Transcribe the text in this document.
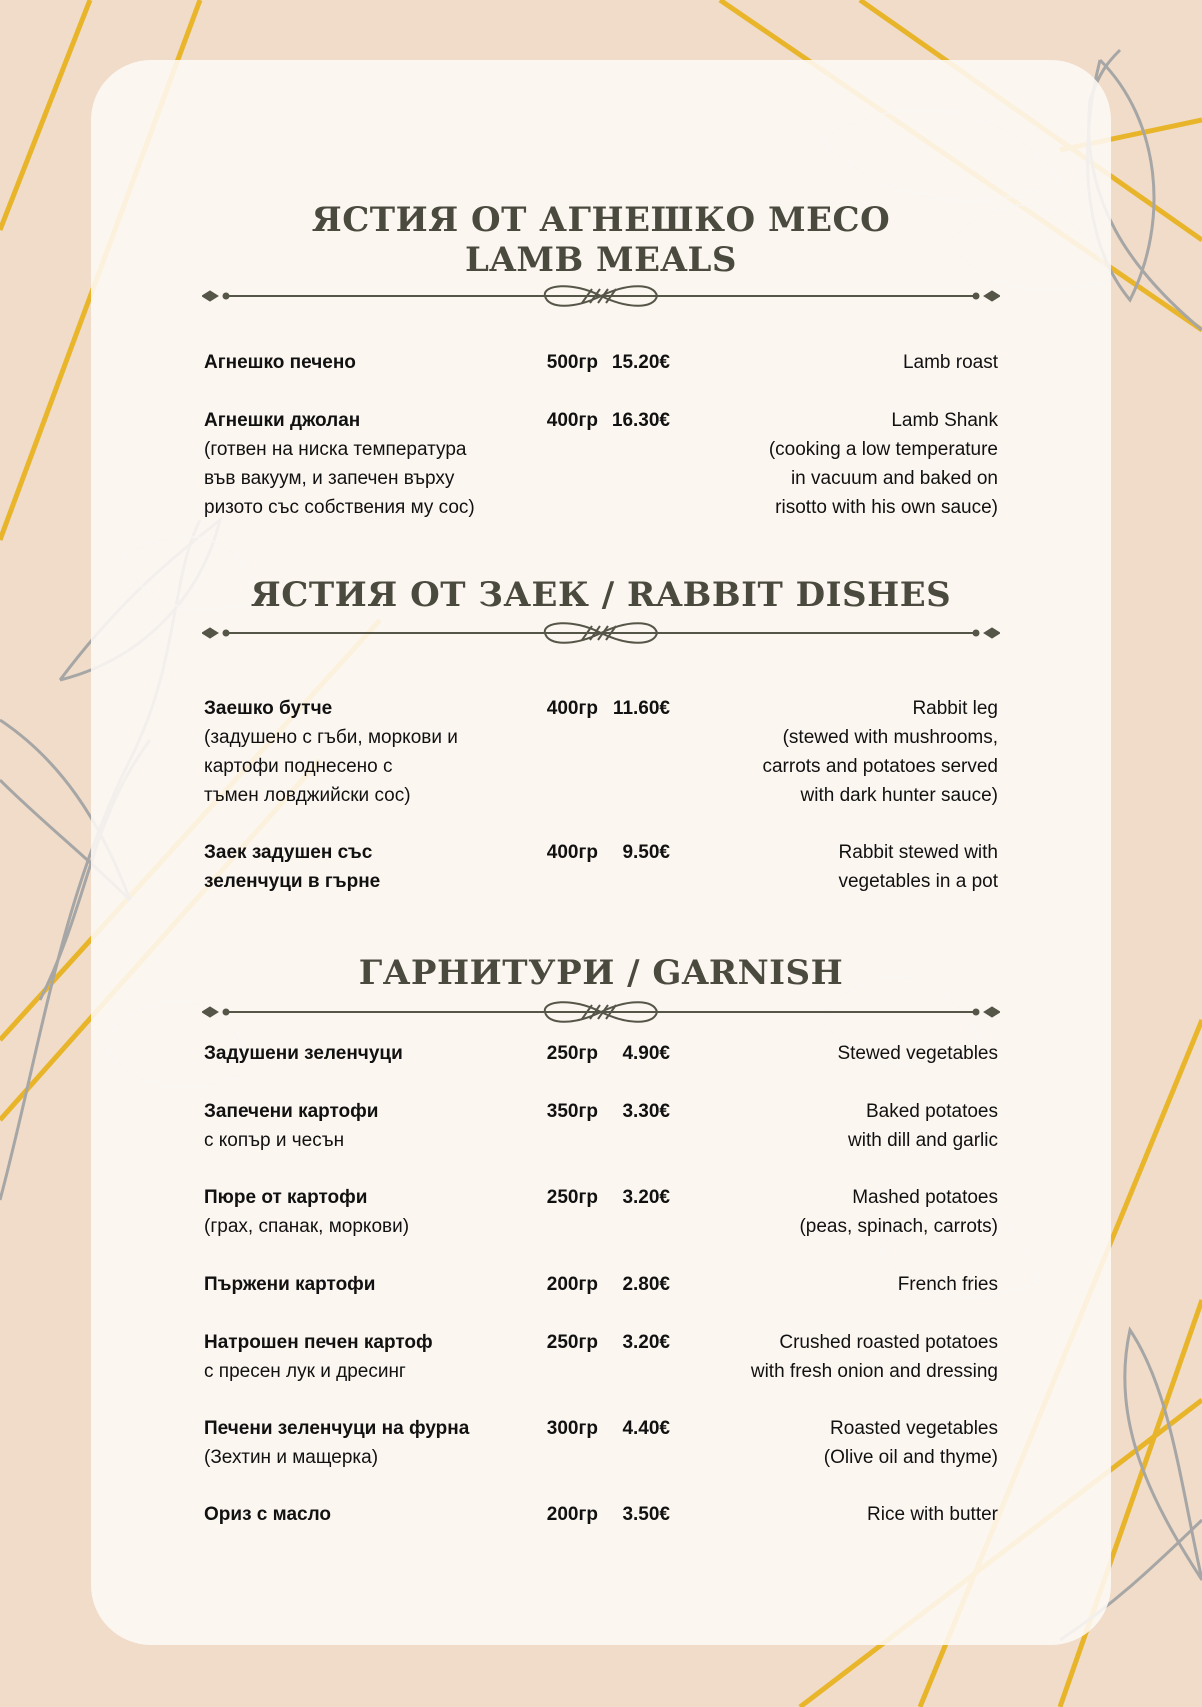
ЯСТИЯ ОТ АГНЕШКО МЕСО
LAMB MEALS
ЯСТИЯ ОТ ЗАЕК / RABBIT DISHES
ГАРНИТУРИ / GARNISH
Агнешко печено	500гр 15.20€	Lamb roast
Агнешки джолан
(готвен на ниска температура
във вакуум, и запечен върху
ризото със собствения му сос)
400гр 16.30€	Lamb Shank
(cooking a low temperature
in vacuum and baked on
risotto with his own sauce)
Заешко бутче
(задушено с гъби, моркови и
картофи поднесено с
тъмен ловджийски сос)
400гр 11.60€	Rabbit leg
(stewed with mushrooms,
carrots and potatoes served
with dark hunter sauce)
Заек задушен със зеленчуци в гърне
400гр	9.50€	Rabbit stewed with
vegetables in a pot
Задушени зеленчуци	250гр	4.90€	Stewed vegetables
Запечени картофи
с копър и чесън
350гр	3.30€	Baked potatoes
with dill and garlic
Пюре от картофи
(грах, спанак, моркови)
250гр	3.20€	Mashed potatoes
(peas, spinach, carrots)
Пържени картофи	200гр	2.80€	French fries
Натрошен печен картоф
с пресен лук и дресинг
250гр	3.20€	Crushed roasted potatoes
with fresh onion and dressing
Печени зеленчуци на фурна
(Зехтин и мащерка)
300гр	4.40€	Roasted vegetables
(Olive oil and thyme)
Ориз с масло	200гр	3.50€	Rice with butter
